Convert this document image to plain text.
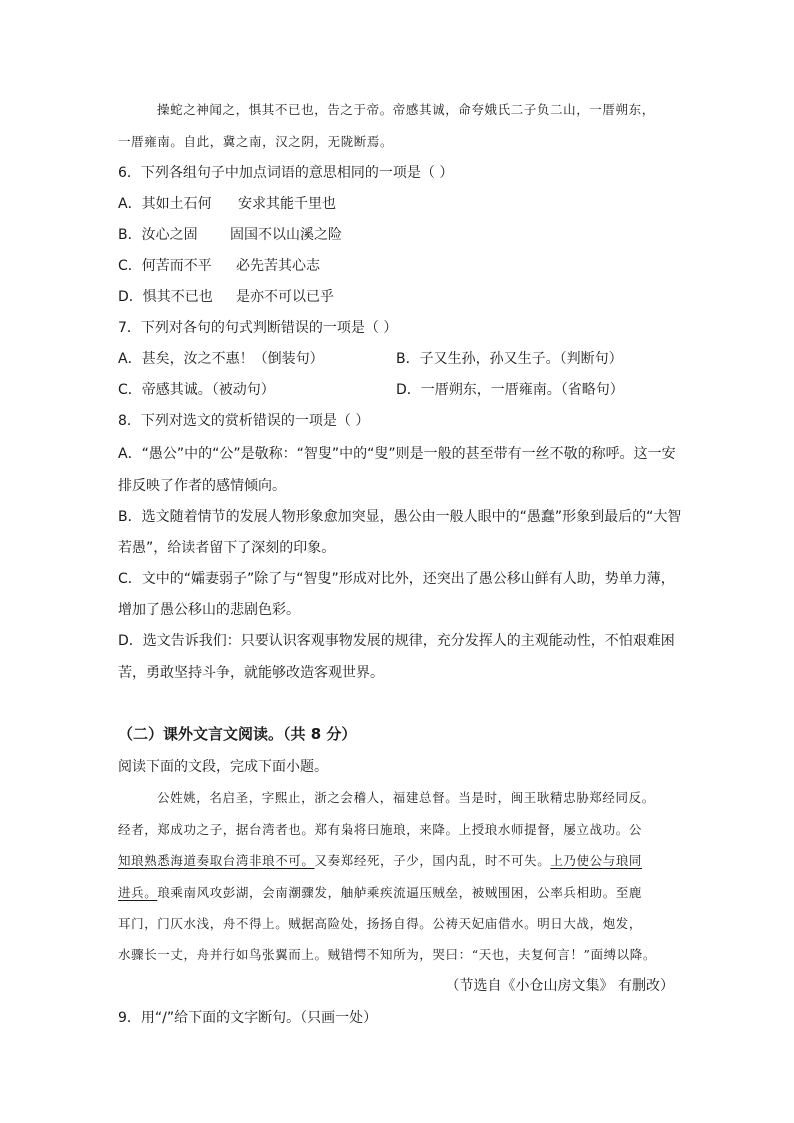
操蛇之神闻之，惧其不已也，告之于帝。帝感其诚，命夸娥氏二子负二山，一厝朔东，
一厝雍南。自此，冀之南，汉之阴，无陇断焉。
6．下列各组句子中加点词语的意思相同的一项是（ ）
A．其如土石何 安求其能千里也
B．汝心之固 固国不以山溪之险
C．何苦而不平 必先苦其心志
D．惧其不已也 是亦不可以已乎
7．下列对各句的句式判断错误的一项是（ ）
A．甚矣，汝之不惠！（倒装句）	B．子又生孙，孙又生子。（判断句）
C．帝感其诚。（被动句）	D．一厝朔东，一厝雍南。（省略句）
8．下列对选文的赏析错误的一项是（ ）
A．“愚公”中的“公”是敬称：“智叟”中的“叟”则是一般的甚至带有一丝不敬的称呼。这一安
排反映了作者的感情倾向。
B．选文随着情节的发展人物形象愈加突显，愚公由一般人眼中的“愚蠢”形象到最后的“大智
若愚”，给读者留下了深刻的印象。
C．文中的“孀妻弱子”除了与“智叟”形成对比外，还突出了愚公移山鲜有人助，势单力薄，
增加了愚公移山的悲剧色彩。
D．选文告诉我们：只要认识客观事物发展的规律，充分发挥人的主观能动性，不怕艰难困
苦，勇敢坚持斗争，就能够改造客观世界。
（二）课外文言文阅读。（共 8 分）
阅读下面的文段，完成下面小题。
公姓姚，名启圣，字熙止，浙之会稽人，福建总督。当是时，闽王耿精忠胁郑经同反。
经者，郑成功之子，据台湾者也。郑有枭将曰施琅，来降。上授琅水师提督，屡立战功。公
知琅熟悉海道奏取台湾非琅不可。又奏郑经死，子少，国内乱，时不可失。上乃使公与琅同
进兵。琅乘南风攻彭湖，会南潮骤发，舳舻乘疾流逼压贼垒，被贼围困，公率兵相助。至鹿
耳门，门仄水浅，舟不得上。贼据高险处，扬扬自得。公祷天妃庙借水。明日大战，炮发，
水骤长一丈，舟并行如鸟张翼而上。贼错愕不知所为，哭曰：“天也，夫复何言！”面缚以降。
（节选自《小仓山房文集》 有删改）
9．用“/”给下面的文字断句。（只画一处）
